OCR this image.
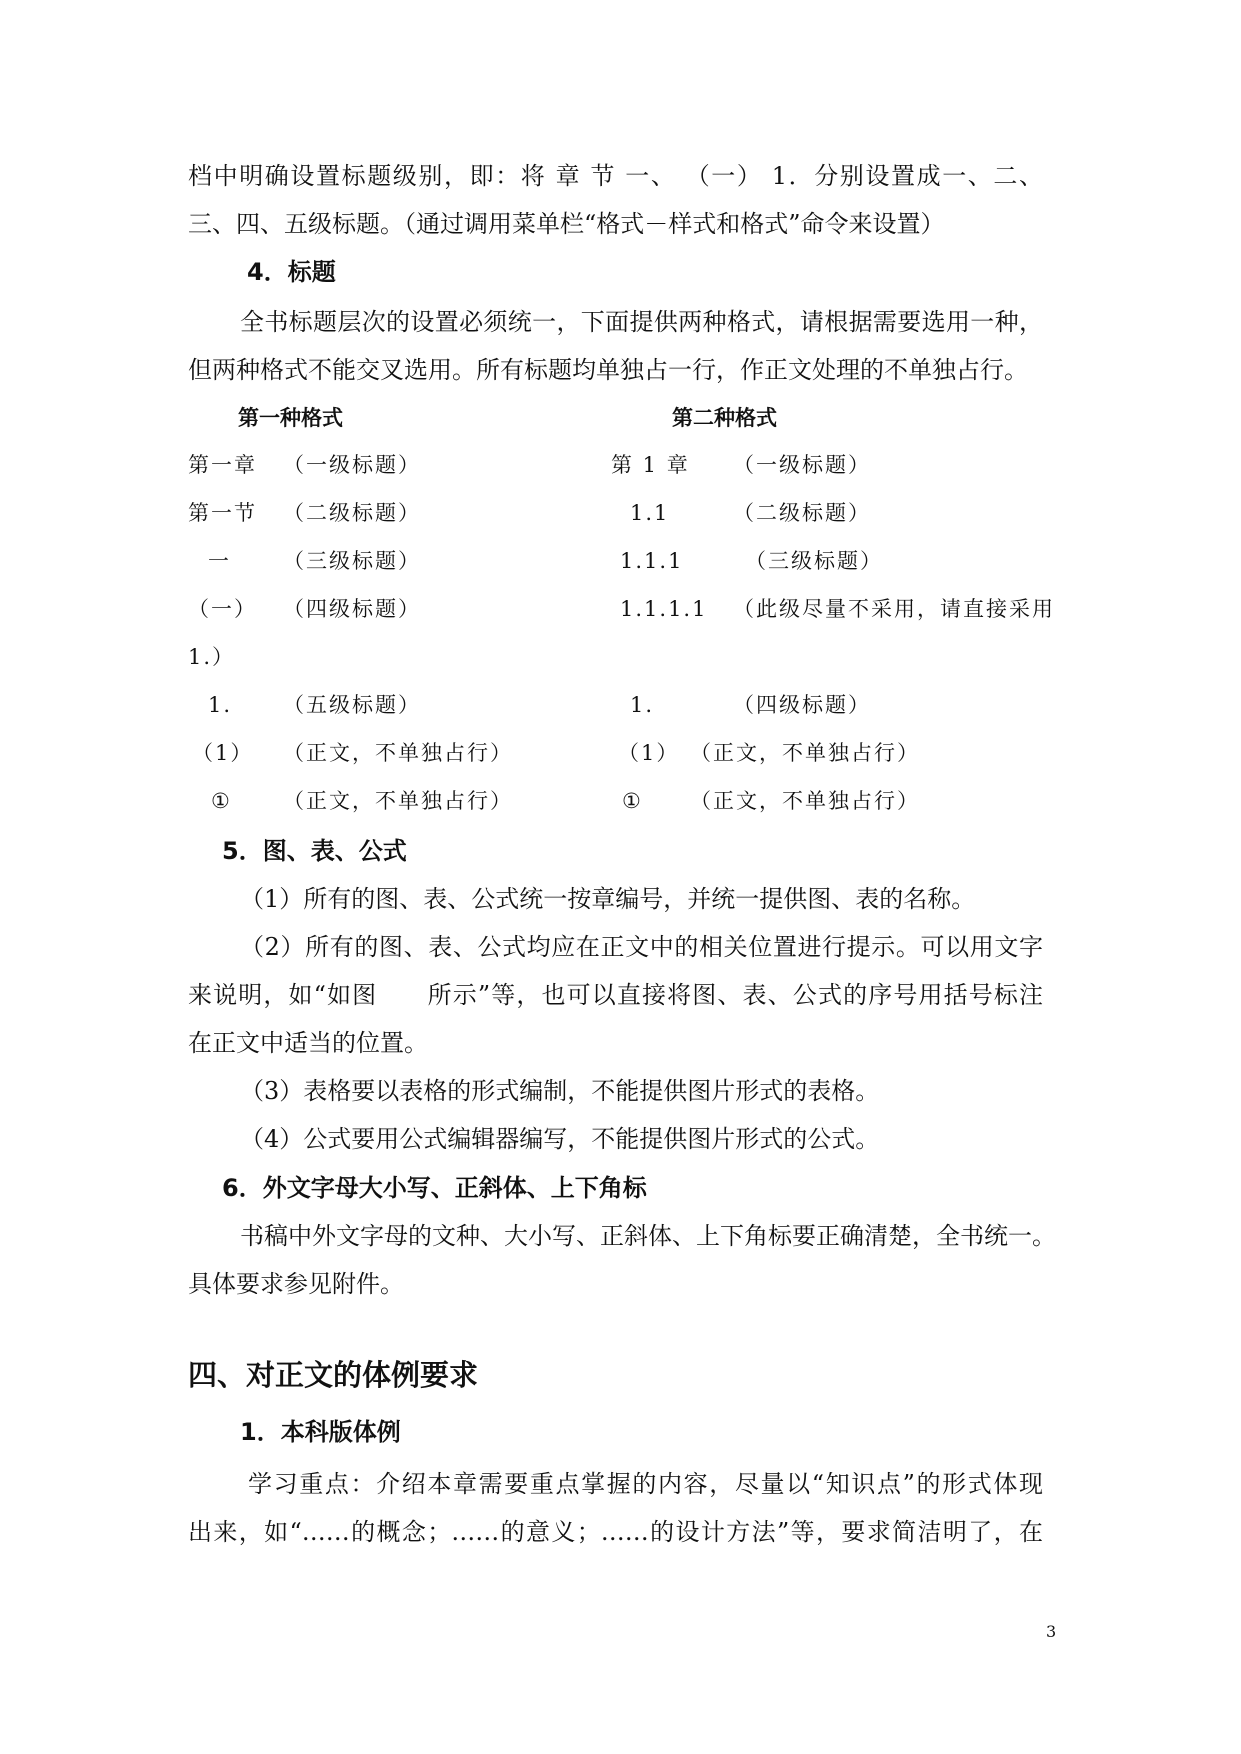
档中明确设置标题级别，即：将 章 节 一、 （一） 1．分别设置成一、二、
三、四、五级标题。（通过调用菜单栏“格式－样式和格式”命令来设置）
4．标题
全书标题层次的设置必须统一，下面提供两种格式，请根据需要选用一种，
但两种格式不能交叉选用。所有标题均单独占一行，作正文处理的不单独占行。
第一种格式	第二种格式
第一章 （一级标题）	第 1 章 （一级标题）
第一节 （二级标题）	1.1	（二级标题）
一 （三级标题）	1.1.1	（三级标题）
（一） （四级标题）	1.1.1.1 （此级尽量不采用，请直接采用
1.）
1. （五级标题）	1.	（四级标题）
（1） （正文，不单独占行）	（1） （正文，不单独占行）
① （正文，不单独占行）	① （正文，不单独占行）
5．图、表、公式
（1）所有的图、表、公式统一按章编号，并统一提供图、表的名称。
（2）所有的图、表、公式均应在正文中的相关位置进行提示。可以用文字
来说明，如“如图　　所示”等，也可以直接将图、表、公式的序号用括号标注
在正文中适当的位置。
（3）表格要以表格的形式编制，不能提供图片形式的表格。
（4）公式要用公式编辑器编写，不能提供图片形式的公式。
6．外文字母大小写、正斜体、上下角标
书稿中外文字母的文种、大小写、正斜体、上下角标要正确清楚，全书统一。
具体要求参见附件。
四、对正文的体例要求
1．本科版体例
学习重点：介绍本章需要重点掌握的内容，尽量以“知识点”的形式体现
出来，如“……的概念；……的意义；……的设计方法”等，要求简洁明了，在
3
